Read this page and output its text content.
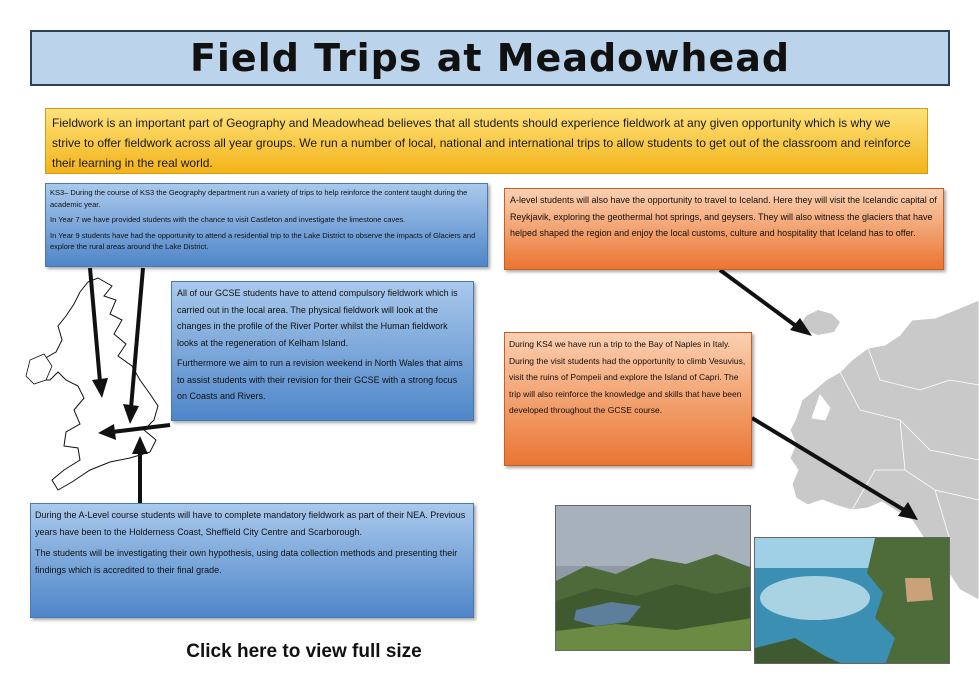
Field Trips at Meadowhead
Fieldwork is an important part of Geography and Meadowhead believes that all students should experience fieldwork at any given opportunity which is why we strive to offer fieldwork across all year groups. We run a number of local, national and international trips to allow students to get out of the classroom and reinforce their learning in the real world.

KS3– During the course of KS3 the Geography department run a variety of trips to help reinforce the content taught during the academic year.

In Year 7 we have provided students with the chance to visit Castleton and investigate the limestone caves.

In Year 9 students have had the opportunity to attend a residential trip to the Lake District to observe the impacts of Glaciers and explore the rural areas around the Lake District.

All of our GCSE students have to attend compulsory fieldwork which is carried out in the local area. The physical fieldwork will look at the changes in the profile of the River Porter whilst the Human fieldwork looks at the regeneration of Kelham Island.

Furthermore we aim to run a revision weekend in North Wales that aims to assist students with their revision for their GCSE with a strong focus on Coasts and Rivers.

During the A-Level course students will have to complete mandatory fieldwork as part of their NEA. Previous years have been to the Holderness Coast, Sheffield City Centre and Scarborough.

The students will be investigating their own hypothesis, using data collection methods and presenting their findings which is accredited to their final grade.

A-level students will also have the opportunity to travel to Iceland. Here they will visit the Icelandic capital of Reykjavik, exploring the geothermal hot springs, and geysers. They will also witness the glaciers that have helped shaped the region and enjoy the local customs, culture and hospitality that Iceland has to offer.
During KS4 we have run a trip to the Bay of Naples in Italy. During the visit students had the opportunity to climb Vesuvius, visit the ruins of Pompeii and explore the Island of Capri. The trip will also reinforce the knowledge and skills that have been developed throughout the GCSE course.
Click here to view full size
